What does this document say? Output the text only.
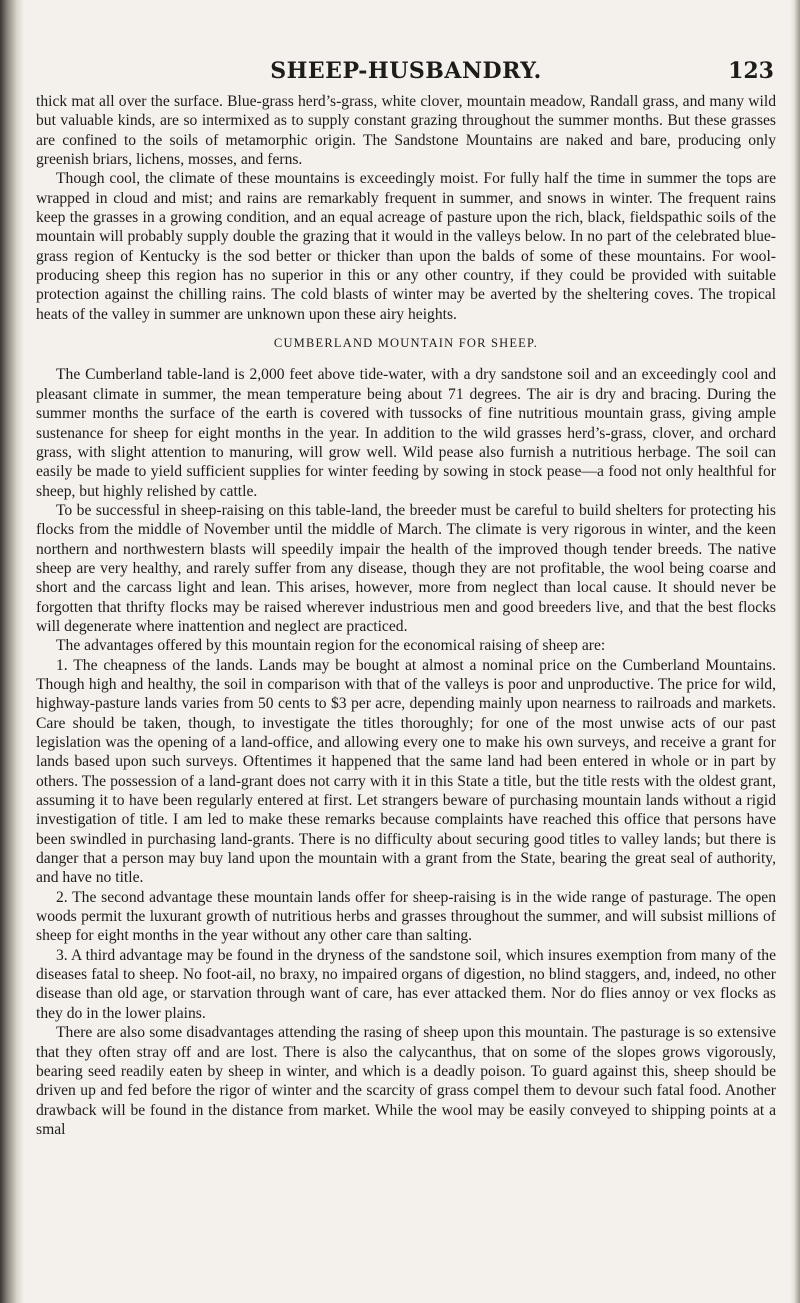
SHEEP-HUSBANDRY.	123

thick mat all over the surface. Blue-grass herd’s-grass, white clover, mountain meadow, Randall grass, and many wild but valuable kinds, are so intermixed as to supply constant grazing throughout the summer months. But these grasses are confined to the soils of metamorphic origin. The Sandstone Mountains are naked and bare, producing only greenish briars, lichens, mosses, and ferns.

Though cool, the climate of these mountains is exceedingly moist. For fully half the time in summer the tops are wrapped in cloud and mist; and rains are remarkably frequent in summer, and snows in winter. The frequent rains keep the grasses in a growing condition, and an equal acreage of pasture upon the rich, black, fieldspathic soils of the mountain will probably supply double the grazing that it would in the valleys below. In no part of the celebrated blue-grass region of Kentucky is the sod better or thicker than upon the balds of some of these mountains. For wool-producing sheep this region has no superior in this or any other country, if they could be provided with suitable protection against the chilling rains. The cold blasts of winter may be averted by the sheltering coves. The tropical heats of the valley in summer are unknown upon these airy heights.

CUMBERLAND MOUNTAIN FOR SHEEP.

The Cumberland table-land is 2,000 feet above tide-water, with a dry sandstone soil and an exceedingly cool and pleasant climate in summer, the mean temperature being about 71 degrees. The air is dry and bracing. During the summer months the surface of the earth is covered with tussocks of fine nutritious mountain grass, giving ample sustenance for sheep for eight months in the year. In addition to the wild grasses herd’s-grass, clover, and orchard grass, with slight attention to manuring, will grow well. Wild pease also furnish a nutritious herbage. The soil can easily be made to yield sufficient supplies for winter feeding by sowing in stock pease—a food not only healthful for sheep, but highly relished by cattle.

To be successful in sheep-raising on this table-land, the breeder must be careful to build shelters for protecting his flocks from the middle of November until the middle of March. The climate is very rigorous in winter, and the keen northern and northwestern blasts will speedily impair the health of the improved though tender breeds. The native sheep are very healthy, and rarely suffer from any disease, though they are not profitable, the wool being coarse and short and the carcass light and lean. This arises, however, more from neglect than local cause. It should never be forgotten that thrifty flocks may be raised wherever industrious men and good breeders live, and that the best flocks will degenerate where inattention and neglect are practiced.

The advantages offered by this mountain region for the economical raising of sheep are:

1. The cheapness of the lands. Lands may be bought at almost a nominal price on the Cumberland Mountains. Though high and healthy, the soil in comparison with that of the valleys is poor and unproductive. The price for wild, highway-pasture lands varies from 50 cents to $3 per acre, depending mainly upon nearness to railroads and markets. Care should be taken, though, to investigate the titles thoroughly; for one of the most unwise acts of our past legislation was the opening of a land-office, and allowing every one to make his own surveys, and receive a grant for lands based upon such surveys. Oftentimes it happened that the same land had been entered in whole or in part by others. The possession of a land-grant does not carry with it in this State a title, but the title rests with the oldest grant, assuming it to have been regularly entered at first. Let strangers beware of purchasing mountain lands without a rigid investigation of title. I am led to make these remarks because complaints have reached this office that persons have been swindled in purchasing land-grants. There is no difficulty about securing good titles to valley lands; but there is danger that a person may buy land upon the mountain with a grant from the State, bearing the great seal of authority, and have no title.

2. The second advantage these mountain lands offer for sheep-raising is in the wide range of pasturage. The open woods permit the luxurant growth of nutritious herbs and grasses throughout the summer, and will subsist millions of sheep for eight months in the year without any other care than salting.

3. A third advantage may be found in the dryness of the sandstone soil, which insures exemption from many of the diseases fatal to sheep. No foot-ail, no braxy, no impaired organs of digestion, no blind staggers, and, indeed, no other disease than old age, or starvation through want of care, has ever attacked them. Nor do flies annoy or vex flocks as they do in the lower plains.

There are also some disadvantages attending the rasing of sheep upon this mountain. The pasturage is so extensive that they often stray off and are lost. There is also the calycanthus, that on some of the slopes grows vigorously, bearing seed readily eaten by sheep in winter, and which is a deadly poison. To guard against this, sheep should be driven up and fed before the rigor of winter and the scarcity of grass compel them to devour such fatal food. Another drawback will be found in the distance from market. While the wool may be easily conveyed to shipping points at a smal
